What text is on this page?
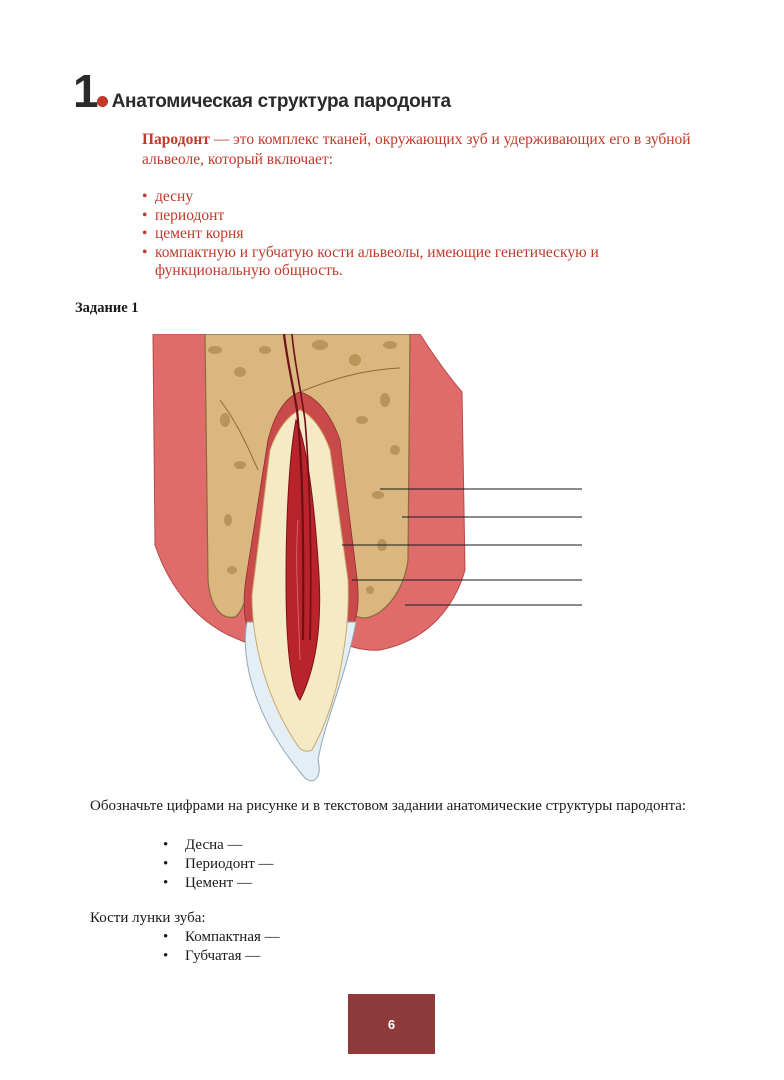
1 Анатомическая структура пародонта

Пародонт — это комплекс тканей, окружающих зуб и удерживающих его в зубной альвеоле, который включает:

• десну
• периодонт
• цемент корня
• компактную и губчатую кости альвеолы, имеющие генетическую и функциональную общность.

Задание 1

Обозначьте цифрами на рисунке и в текстовом задании анатомические структуры пародонта:

• Десна —
• Периодонт —
• Цемент —

Кости лунки зуба:

• Компактная —
• Губчатая —
6
